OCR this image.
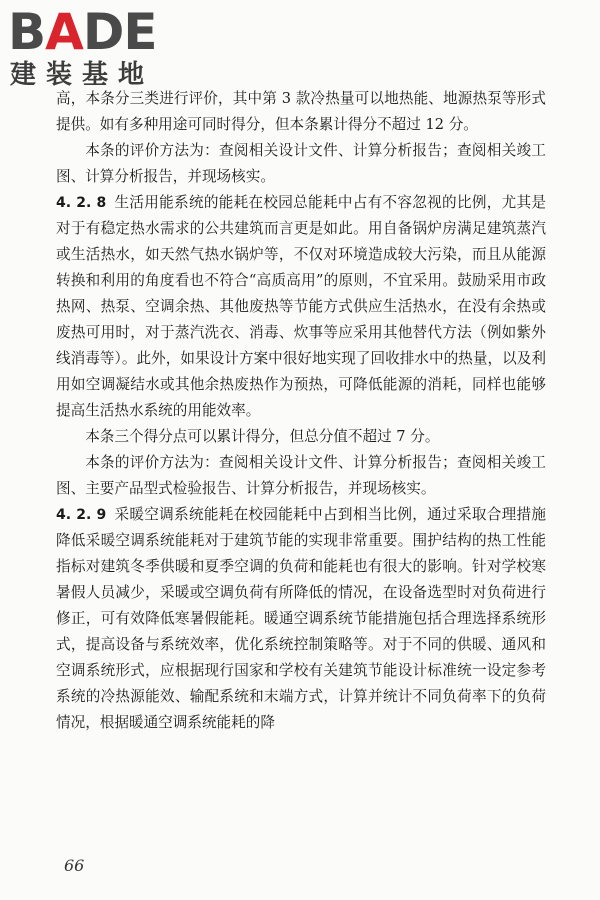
BADE
建装基地

高，本条分三类进行评价，其中第 3 款冷热量可以地热能、地源热泵等形式提供。如有多种用途可同时得分，但本条累计得分不超过 12 分。

本条的评价方法为：查阅相关设计文件、计算分析报告；查阅相关竣工图、计算分析报告，并现场核实。

4. 2. 8 生活用能系统的能耗在校园总能耗中占有不容忽视的比例，尤其是对于有稳定热水需求的公共建筑而言更是如此。用自备锅炉房满足建筑蒸汽或生活热水，如天然气热水锅炉等，不仅对环境造成较大污染，而且从能源转换和利用的角度看也不符合“高质高用”的原则，不宜采用。鼓励采用市政热网、热泵、空调余热、其他废热等节能方式供应生活热水，在没有余热或废热可用时，对于蒸汽洗衣、消毒、炊事等应采用其他替代方法（例如紫外线消毒等）。此外，如果设计方案中很好地实现了回收排水中的热量，以及利用如空调凝结水或其他余热废热作为预热，可降低能源的消耗，同样也能够提高生活热水系统的用能效率。

本条三个得分点可以累计得分，但总分值不超过 7 分。

本条的评价方法为：查阅相关设计文件、计算分析报告；查阅相关竣工图、主要产品型式检验报告、计算分析报告，并现场核实。

4. 2. 9 采暖空调系统能耗在校园能耗中占到相当比例，通过采取合理措施降低采暖空调系统能耗对于建筑节能的实现非常重要。围护结构的热工性能指标对建筑冬季供暖和夏季空调的负荷和能耗也有很大的影响。针对学校寒暑假人员减少，采暖或空调负荷有所降低的情况，在设备选型时对负荷进行修正，可有效降低寒暑假能耗。暖通空调系统节能措施包括合理选择系统形式，提高设备与系统效率，优化系统控制策略等。对于不同的供暖、通风和空调系统形式，应根据现行国家和学校有关建筑节能设计标准统一设定参考系统的冷热源能效、输配系统和末端方式，计算并统计不同负荷率下的负荷情况，根据暖通空调系统能耗的降

66
